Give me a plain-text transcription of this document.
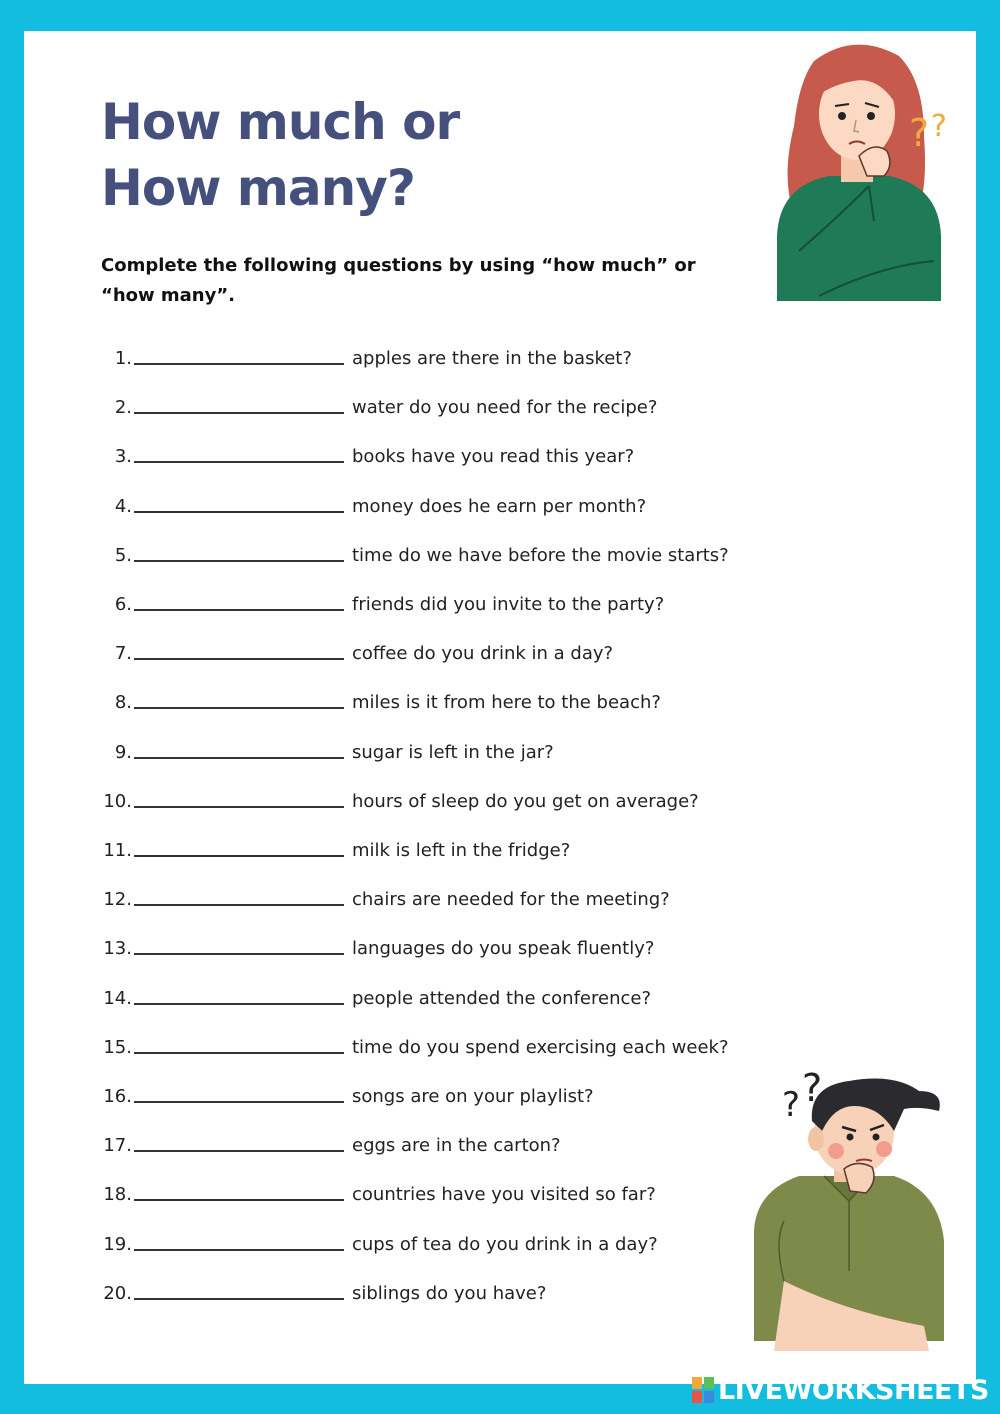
How much or
How many?

Complete the following questions by using “how much” or “how many”.

1.	apples are there in the basket?
2.	water do you need for the recipe?
3.	books have you read this year?
4.	money does he earn per month?
5.	time do we have before the movie starts?
6.	friends did you invite to the party?
7.	coffee do you drink in a day?
8.	miles is it from here to the beach?
9.	sugar is left in the jar?
10.	hours of sleep do you get on average?
11.	milk is left in the fridge?
12.	chairs are needed for the meeting?
13.	languages do you speak fluently?
14.	people attended the conference?
15.	time do you spend exercising each week?
16.	songs are on your playlist?
17.	eggs are in the carton?
18.	countries have you visited so far?
19.	cups of tea do you drink in a day?
20.	siblings do you have?
? ?
? ?
LIVEWORKSHEETS
